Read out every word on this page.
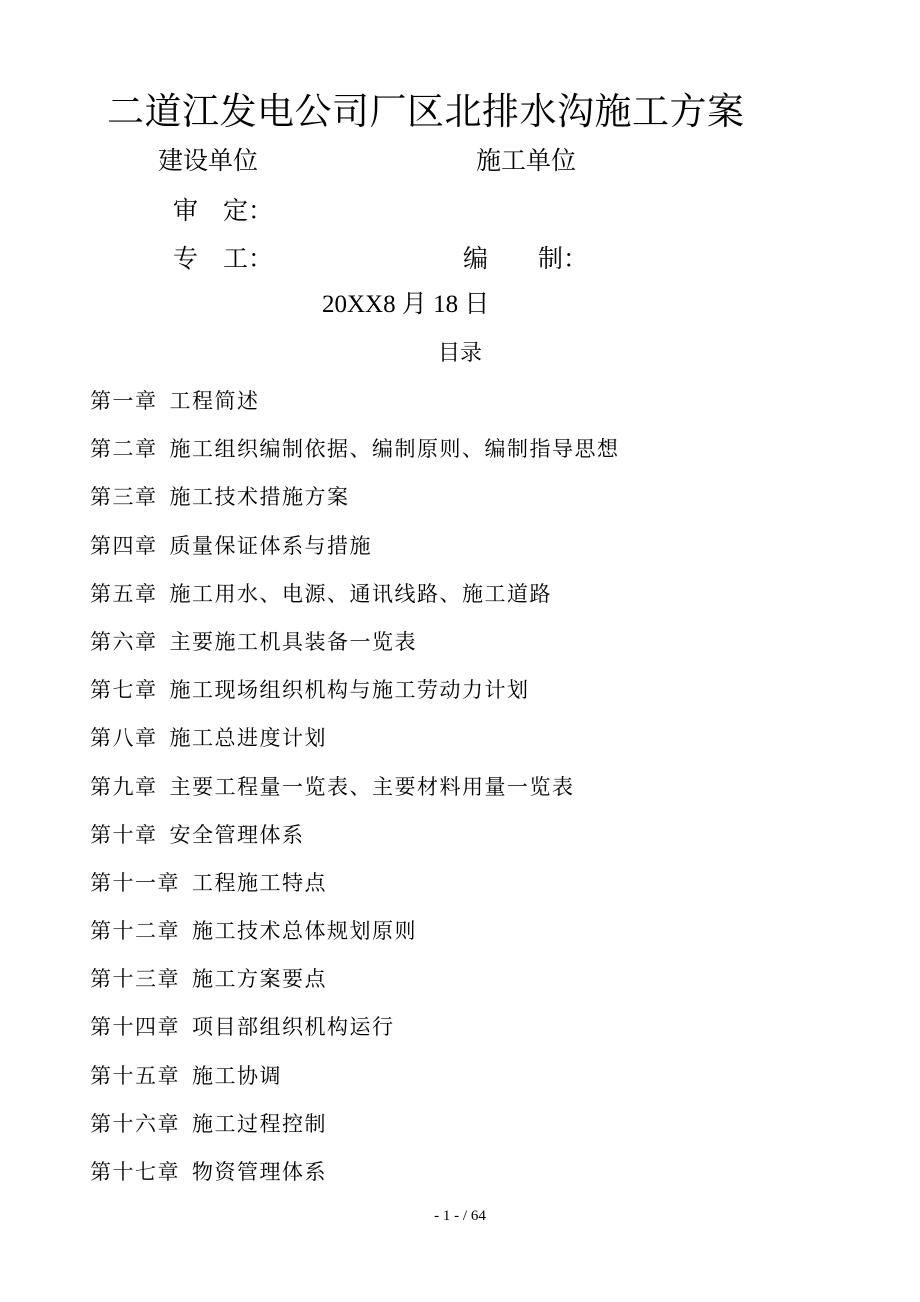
二道江发电公司厂区北排水沟施工方案
建设单位	施工单位
审　定：
专　工：	编　　制：
20XX8 月 18 日
目录
第一章 工程简述
第二章 施工组织编制依据、编制原则、编制指导思想
第三章 施工技术措施方案
第四章 质量保证体系与措施
第五章 施工用水、电源、通讯线路、施工道路
第六章 主要施工机具装备一览表
第七章 施工现场组织机构与施工劳动力计划
第八章 施工总进度计划
第九章 主要工程量一览表、主要材料用量一览表
第十章 安全管理体系
第十一章 工程施工特点
第十二章 施工技术总体规划原则
第十三章 施工方案要点
第十四章 项目部组织机构运行
第十五章 施工协调
第十六章 施工过程控制
第十七章 物资管理体系
- 1 - / 64
